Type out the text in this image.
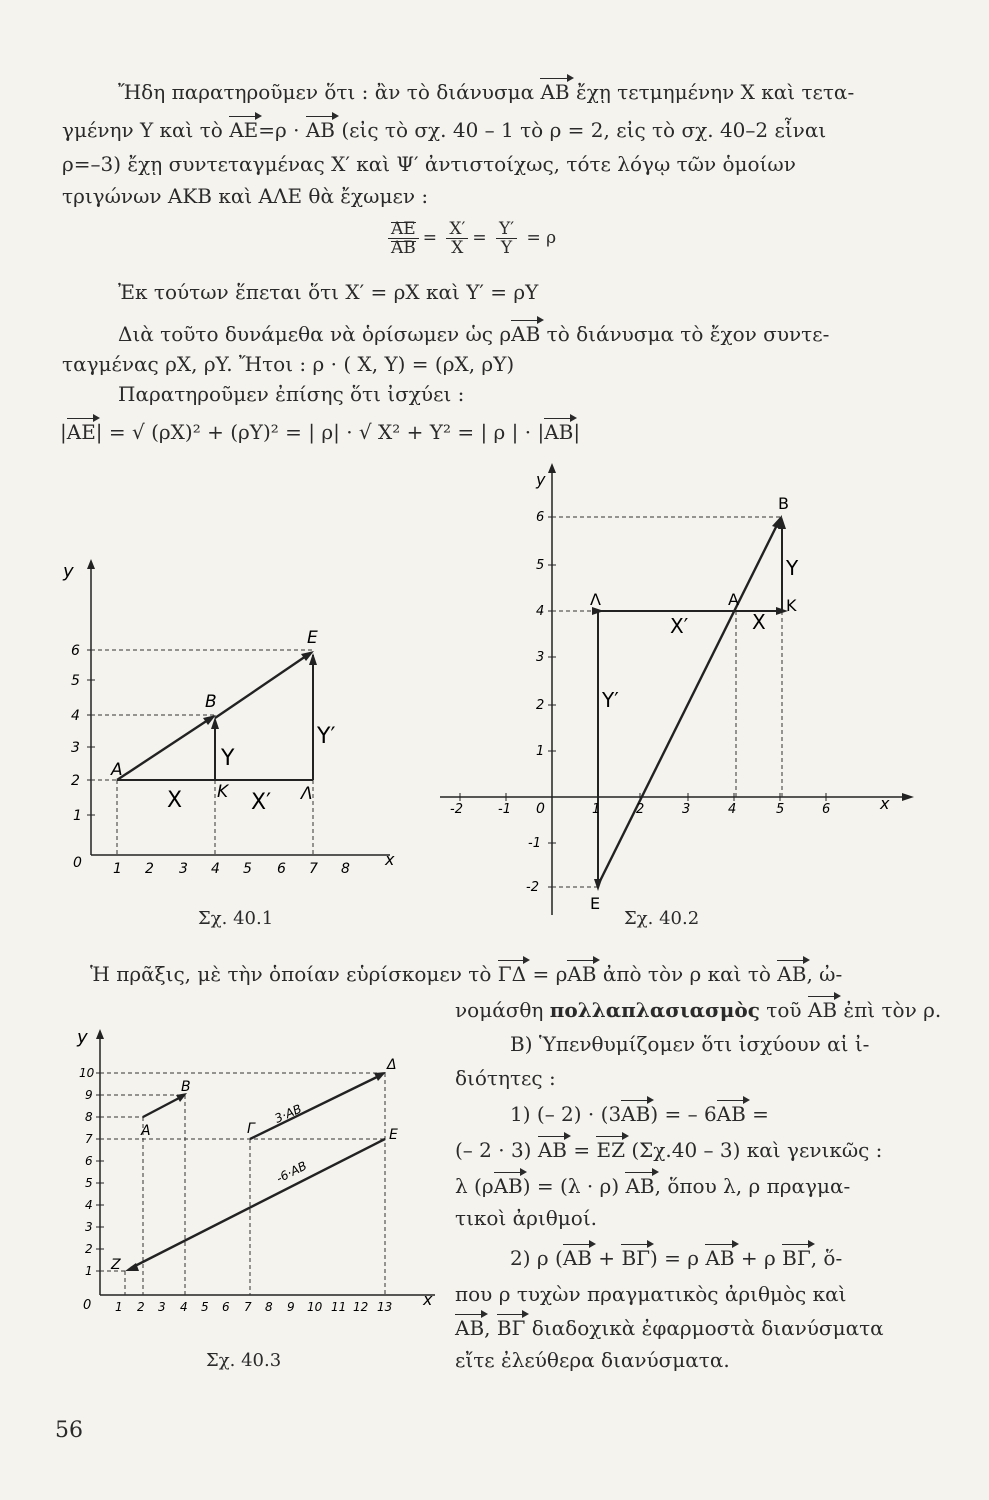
Ἤδη παρατηροῦμεν ὅτι : ἂν τὸ διάνυσμα AB ἔχῃ τετμημένην X καὶ τετα-
γμένην Y καὶ τὸ AE=ρ · AB (εἰς τὸ σχ. 40 – 1 τὸ ρ = 2, εἰς τὸ σχ. 40–2 εἶναι
ρ=–3) ἔχῃ συντεταγμένας X′ καὶ Ψ′ ἀντιστοίχως, τότε λόγῳ τῶν ὁμοίων
τριγώνων AKB καὶ AΛE θὰ ἔχωμεν :
$\frac{AE}{AB} = \frac{X'}{X} = \frac{Y'}{Y} = \rho$
Ἐκ τούτων ἕπεται ὅτι X′ = ρX καὶ Y′ = ρY
Διὰ τοῦτο δυνάμεθα νὰ ὁρίσωμεν ὡς ρAB τὸ διάνυσμα τὸ ἔχον συντε-
ταγμένας ρX, ρY. Ἤτοι : ρ · ( X, Y) = (ρX, ρY)
Παρατηροῦμεν ἐπίσης ὅτι ἰσχύει :
|AE| = √ (ρX)² + (ρY)² = | ρ| · √ X² + Y² = | ρ | · |AB|
y
x
0 1 2 3 4 5 6 7 8
1
2
3
4
5
6
A
B
E
K	Λ
X	X′
Y
Y′
Σχ. 40.1
y
x
0
-2	-1	1	2	3	4	5	6
-2
-1
1
2
3
4
5
6
B
A	K
Λ
E
Y
X
X′
Y′
Σχ. 40.2
Ἡ πρᾶξις, μὲ τὴν ὁποίαν εὑρίσκομεν τὸ ΓΔ = ρAB ἀπὸ τὸν ρ καὶ τὸ AB, ὠ-
νομάσθη πολλαπλασιασμὸς τοῦ AB ἐπὶ τὸν ρ.
y
x
0 1 2 3 4 5 6 7 8 9 10 11 12 13
1
2
3
4
5
6
7
8
9
10
A
B
Γ
Δ
E
Z
3·AB
-6·AB
Σχ. 40.3
B) Ὑπενθυμίζομεν ὅτι ἰσχύουν αἱ ἰ-
διότητες :
1) (– 2) · (3AB) = – 6AB =
(– 2 · 3) AB = EZ (Σχ.40 – 3) καὶ γενικῶς :
λ (ρAB) = (λ · ρ) AB, ὅπου λ, ρ πραγμα-
τικοὶ ἀριθμοί.
2) ρ (AB + BΓ) = ρ AB + ρ BΓ, ὅ-
που ρ τυχὼν πραγματικὸς ἀριθμὸς καὶ
AB, BΓ διαδοχικὰ ἐφαρμοστὰ διανύσματα
εἴτε ἐλεύθερα διανύσματα.
56
